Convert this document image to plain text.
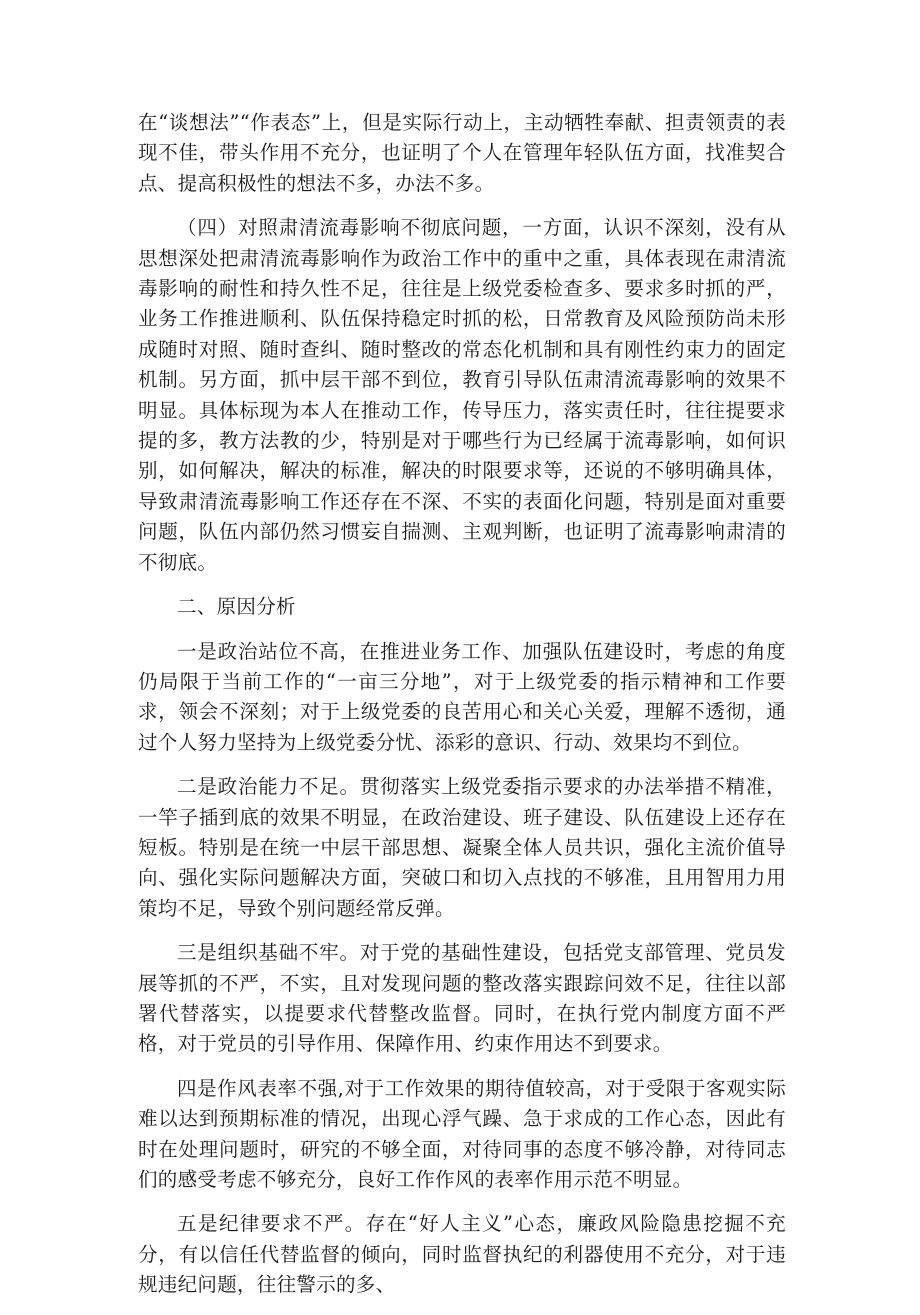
在“谈想法”“作表态”上，但是实际行动上，主动牺牲奉献、担责领责的表现不佳，带头作用不充分，也证明了个人在管理年轻队伍方面，找准契合点、提高积极性的想法不多，办法不多。

（四）对照肃清流毒影响不彻底问题，一方面，认识不深刻，没有从思想深处把肃清流毒影响作为政治工作中的重中之重，具体表现在肃清流毒影响的耐性和持久性不足，往往是上级党委检查多、要求多时抓的严，业务工作推进顺利、队伍保持稳定时抓的松，日常教育及风险预防尚未形成随时对照、随时查纠、随时整改的常态化机制和具有刚性约束力的固定机制。另方面，抓中层干部不到位，教育引导队伍肃清流毒影响的效果不明显。具体标现为本人在推动工作，传导压力，落实责任时，往往提要求提的多，教方法教的少，特别是对于哪些行为已经属于流毒影响，如何识别，如何解决，解决的标准，解决的时限要求等，还说的不够明确具体，导致肃清流毒影响工作还存在不深、不实的表面化问题，特别是面对重要问题，队伍内部仍然习惯妄自揣测、主观判断，也证明了流毒影响肃清的不彻底。

二、原因分析

一是政治站位不高，在推进业务工作、加强队伍建设时，考虑的角度仍局限于当前工作的“一亩三分地”，对于上级党委的指示精神和工作要求，领会不深刻；对于上级党委的良苦用心和关心关爱，理解不透彻，通过个人努力坚持为上级党委分忧、添彩的意识、行动、效果均不到位。

二是政治能力不足。贯彻落实上级党委指示要求的办法举措不精准，一竿子插到底的效果不明显，在政治建设、班子建设、队伍建设上还存在短板。特别是在统一中层干部思想、凝聚全体人员共识，强化主流价值导向、强化实际问题解决方面，突破口和切入点找的不够准，且用智用力用策均不足，导致个别问题经常反弹。

三是组织基础不牢。对于党的基础性建设，包括党支部管理、党员发展等抓的不严，不实，且对发现问题的整改落实跟踪问效不足，往往以部署代替落实，以提要求代替整改监督。同时，在执行党内制度方面不严格，对于党员的引导作用、保障作用、约束作用达不到要求。

四是作风表率不强,对于工作效果的期待值较高，对于受限于客观实际难以达到预期标准的情况，出现心浮气躁、急于求成的工作心态，因此有时在处理问题时，研究的不够全面，对待同事的态度不够冷静，对待同志们的感受考虑不够充分，良好工作作风的表率作用示范不明显。

五是纪律要求不严。存在“好人主义”心态，廉政风险隐患挖掘不充分，有以信任代替监督的倾向，同时监督执纪的利器使用不充分，对于违规违纪问题，往往警示的多、
